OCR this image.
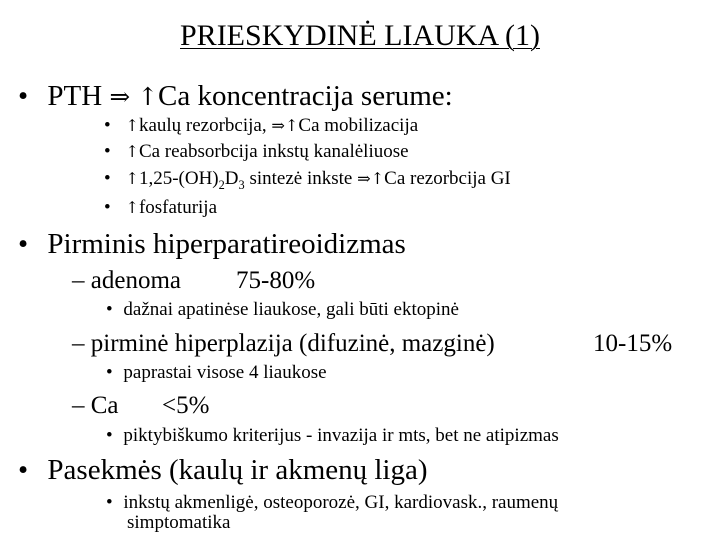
PRIESKYDINĖ LIAUKA (1)
• PTH ⇒ ↑Ca koncentracija serume:
• ↑kaulų rezorbcija, ⇒↑Ca mobilizacija
• ↑Ca reabsorbcija inkstų kanalėliuose
• $↑1,25-(OH)_2D_3$ sintezė inkste ⇒↑Ca rezorbcija GI
• ↑fosfaturija
• Pirminis hiperparatireoidizmas
– adenoma 75-80%
• dažnai apatinėse liaukose, gali būti ektopinė
– pirminė hiperplazija (difuzinė, mazginė)	10-15%
• paprastai visose 4 liaukose
– Ca <5%
• piktybiškumo kriterijus - invazija ir mts, bet ne atipizmas
• Pasekmės (kaulų ir akmenų liga)
• inkstų akmenligė, osteoporozė, GI, kardiovask., raumenų
simptomatika
